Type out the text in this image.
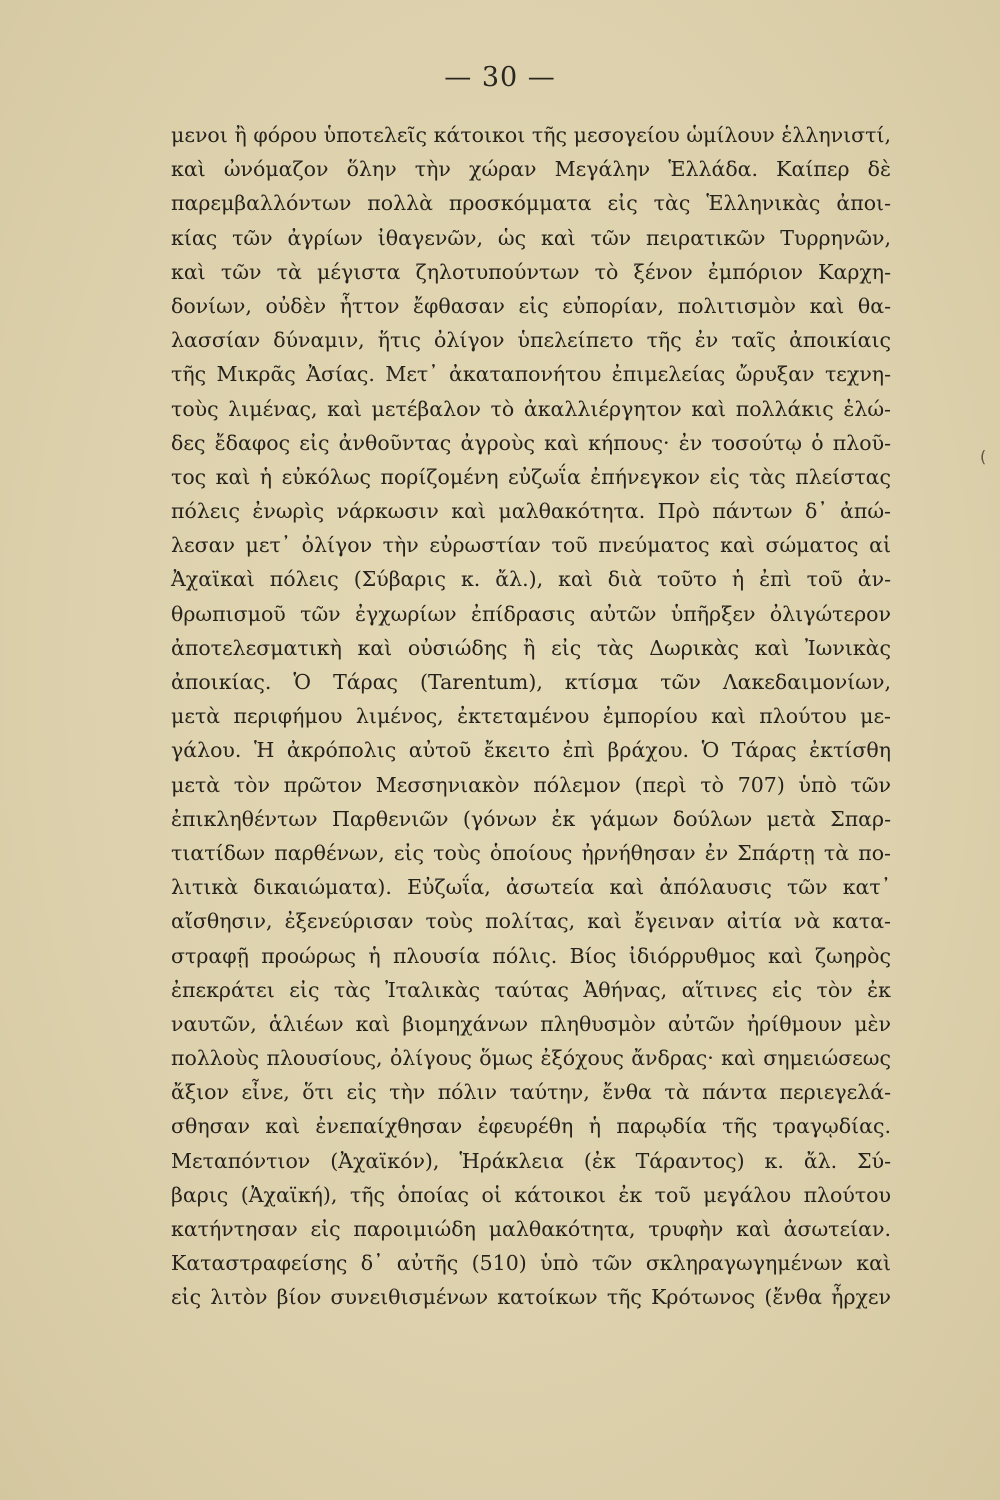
— 30 —
(
μενοι ἢ φόρου ὑποτελεῖς κάτοικοι τῆς μεσογείου ὡμίλουν ἑλληνιστί,
καὶ ὠνόμαζον ὅλην τὴν χώραν Μεγάλην Ἑλλάδα. Καίπερ δὲ
παρεμβαλλόντων πολλὰ προσκόμματα εἰς τὰς Ἑλληνικὰς ἀποι-
κίας τῶν ἀγρίων ἰθαγενῶν, ὡς καὶ τῶν πειρατικῶν Τυρρηνῶν,
καὶ τῶν τὰ μέγιστα ζηλοτυπούντων τὸ ξένον ἐμπόριον Καρχη-
δονίων, οὐδὲν ἧττον ἔφθασαν εἰς εὐπορίαν, πολιτισμὸν καὶ θα-
λασσίαν δύναμιν, ἥτις ὀλίγον ὑπελείπετο τῆς ἐν ταῖς ἀποικίαις
τῆς Μικρᾶς Ἀσίας. Μετ᾽ ἀκαταπονήτου ἐπιμελείας ὤρυξαν τεχνη-
τοὺς λιμένας, καὶ μετέβαλον τὸ ἀκαλλιέργητον καὶ πολλάκις ἑλώ-
δες ἔδαφος εἰς ἀνθοῦντας ἀγροὺς καὶ κήπους· ἐν τοσούτῳ ὁ πλοῦ-
τος καὶ ἡ εὐκόλως πορίζομένη εὐζωΐα ἐπήνεγκον εἰς τὰς πλείστας
πόλεις ἐνωρὶς νάρκωσιν καὶ μαλθακότητα. Πρὸ πάντων δ᾽ ἀπώ-
λεσαν μετ᾽ ὀλίγον τὴν εὐρωστίαν τοῦ πνεύματος καὶ σώματος αἱ
Ἀχαϊκαὶ πόλεις (Σύβαρις κ. ἄλ.), καὶ διὰ τοῦτο ἡ ἐπὶ τοῦ ἀν-
θρωπισμοῦ τῶν ἐγχωρίων ἐπίδρασις αὐτῶν ὑπῆρξεν ὀλιγώτερον
ἀποτελεσματικὴ καὶ οὐσιώδης ἢ εἰς τὰς Δωρικὰς καὶ Ἰωνικὰς
ἀποικίας. Ὁ Τάρας (Tarentum), κτίσμα τῶν Λακεδαιμονίων,
μετὰ περιφήμου λιμένος, ἐκτεταμένου ἐμπορίου καὶ πλούτου με-
γάλου. Ἡ ἀκρόπολις αὐτοῦ ἔκειτο ἐπὶ βράχου. Ὁ Τάρας ἐκτίσθη
μετὰ τὸν πρῶτον Μεσσηνιακὸν πόλεμον (περὶ τὸ 707) ὑπὸ τῶν
ἐπικληθέντων Παρθενιῶν (γόνων ἐκ γάμων δούλων μετὰ Σπαρ-
τιατίδων παρθένων, εἰς τοὺς ὁποίους ἠρνήθησαν ἐν Σπάρτῃ τὰ πο-
λιτικὰ δικαιώματα). Εὐζωΐα, ἀσωτεία καὶ ἀπόλαυσις τῶν κατ᾽
αἴσθησιν, ἐξενεύρισαν τοὺς πολίτας, καὶ ἔγειναν αἰτία νὰ κατα-
στραφῇ προώρως ἡ πλουσία πόλις. Βίος ἰδιόρρυθμος καὶ ζωηρὸς
ἐπεκράτει εἰς τὰς Ἰταλικὰς ταύτας Ἀθήνας, αἵτινες εἰς τὸν ἐκ
ναυτῶν, ἁλιέων καὶ βιομηχάνων πληθυσμὸν αὐτῶν ἠρίθμουν μὲν
πολλοὺς πλουσίους, ὀλίγους ὅμως ἐξόχους ἄνδρας· καὶ σημειώσεως
ἄξιον εἶνε, ὅτι εἰς τὴν πόλιν ταύτην, ἔνθα τὰ πάντα περιεγελά-
σθησαν καὶ ἐνεπαίχθησαν ἐφευρέθη ἡ παρῳδία τῆς τραγῳδίας.
Μεταπόντιον (Ἀχαϊκόν), Ἡράκλεια (ἐκ Τάραντος) κ. ἄλ. Σύ-
βαρις (Ἀχαϊκή), τῆς ὁποίας οἱ κάτοικοι ἐκ τοῦ μεγάλου πλούτου
κατήντησαν εἰς παροιμιώδη μαλθακότητα, τρυφὴν καὶ ἀσωτείαν.
Καταστραφείσης δ᾽ αὐτῆς (510) ὑπὸ τῶν σκληραγωγημένων καὶ
εἰς λιτὸν βίον συνειθισμένων κατοίκων τῆς Κρότωνος (ἔνθα ἦρχεν
